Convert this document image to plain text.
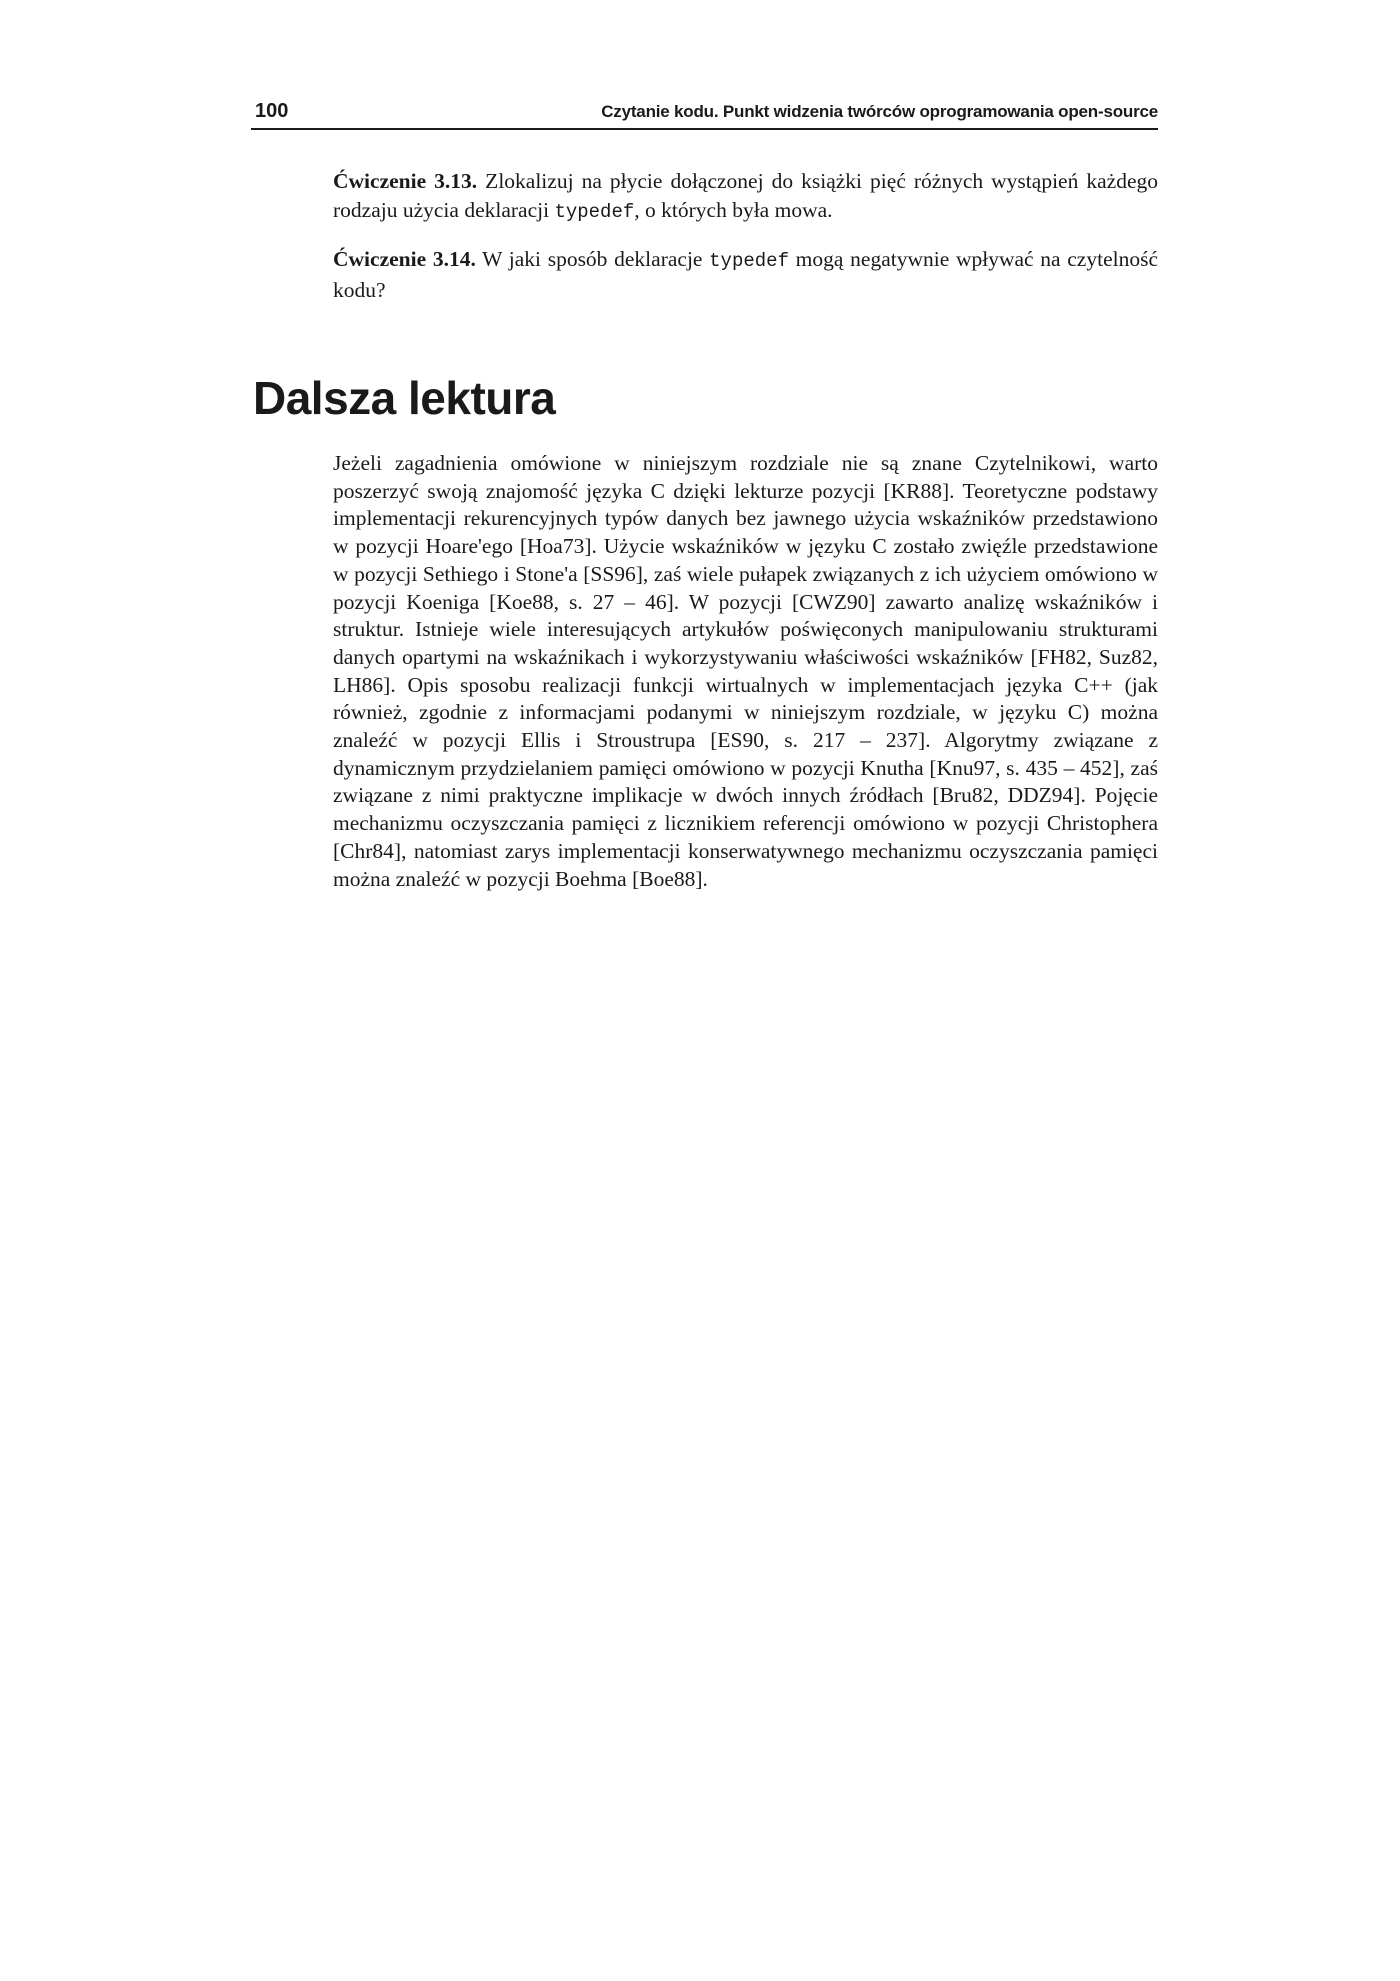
100	Czytanie kodu. Punkt widzenia twórców oprogramowania open-source

Ćwiczenie 3.13. Zlokalizuj na płycie dołączonej do książki pięć różnych wystąpień każdego rodzaju użycia deklaracji typedef, o których była mowa.

Ćwiczenie 3.14. W jaki sposób deklaracje typedef mogą negatywnie wpływać na czytelność kodu?

Dalsza lektura

Jeżeli zagadnienia omówione w niniejszym rozdziale nie są znane Czytelnikowi, warto poszerzyć swoją znajomość języka C dzięki lekturze pozycji [KR88]. Teoretyczne podstawy implementacji rekurencyjnych typów danych bez jawnego użycia wskaźników przedstawiono w pozycji Hoare'ego [Hoa73]. Użycie wskaźników w języku C zostało zwięźle przedstawione w pozycji Sethiego i Stone'a [SS96], zaś wiele pułapek związanych z ich użyciem omówiono w pozycji Koeniga [Koe88, s. 27 – 46]. W pozycji [CWZ90] zawarto analizę wskaźników i struktur. Istnieje wiele interesujących artykułów poświęconych manipulowaniu strukturami danych opartymi na wskaźnikach i wykorzystywaniu właściwości wskaźników [FH82, Suz82, LH86]. Opis sposobu realizacji funkcji wirtualnych w implementacjach języka C++ (jak również, zgodnie z informacjami podanymi w niniejszym rozdziale, w języku C) można znaleźć w pozycji Ellis i Stroustrupa [ES90, s. 217 – 237]. Algorytmy związane z dynamicznym przydzielaniem pamięci omówiono w pozycji Knutha [Knu97, s. 435 – 452], zaś związane z nimi praktyczne implikacje w dwóch innych źródłach [Bru82, DDZ94]. Pojęcie mechanizmu oczyszczania pamięci z licznikiem referencji omówiono w pozycji Christophera [Chr84], natomiast zarys implementacji konserwatywnego mechanizmu oczyszczania pamięci można znaleźć w pozycji Boehma [Boe88].
